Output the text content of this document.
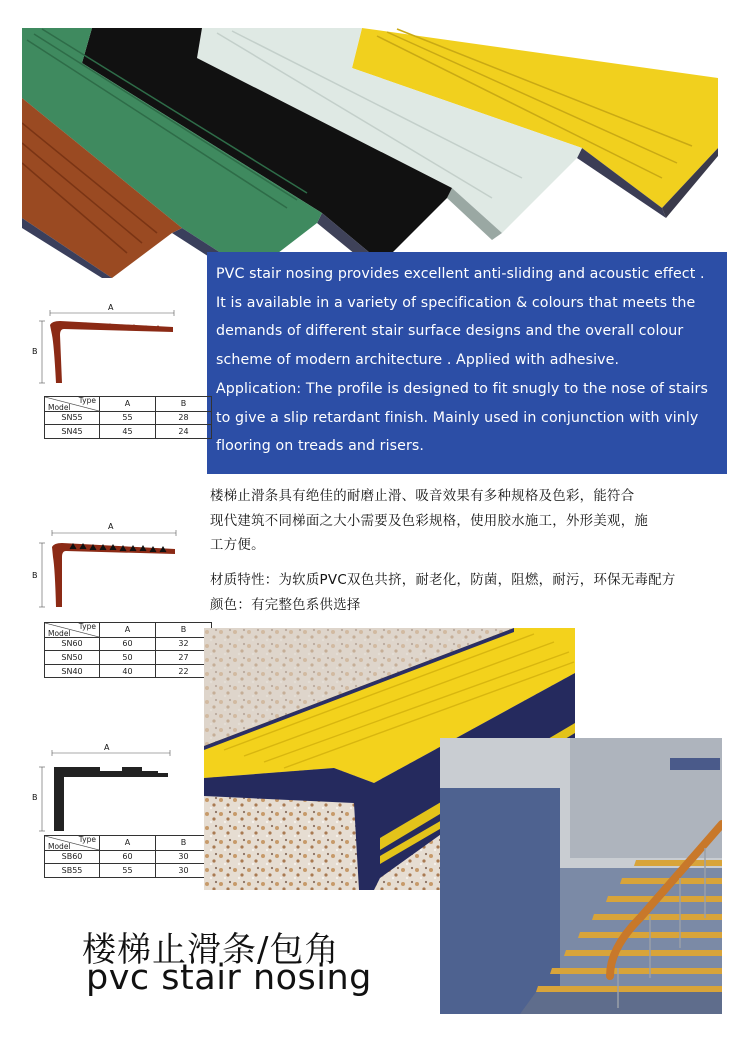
PVC stair nosing provides excellent anti-sliding and acoustic effect .
It is available in a variety of specification & colours that meets the
demands of different stair surface designs and the overall colour
scheme of modern architecture . Applied with adhesive.
Application: The profile is designed to fit snugly to the nose of stairs
to give a slip retardant finish. Mainly used in conjunction with vinly
flooring on treads and risers.

A
B
Type
Model	A	B
SN55	55	28
SN45	45	24
A
B
Type
Model	A	B
SN60	60	32
SN50	50	27
SN40	40	22
A
B
Type
Model	A	B
SB60	60	30
SB55	55	30
楼梯止滑条具有绝佳的耐磨止滑、吸音效果有多种规格及色彩，能符合
现代建筑不同梯面之大小需要及色彩规格，使用胶水施工，外形美观，施
工方便。
材质特性：为软质PVC双色共挤，耐老化，防菌，阻燃，耐污，环保无毒配方
颜色：有完整色系供选择
楼梯止滑条/包角
pvc stair nosing
